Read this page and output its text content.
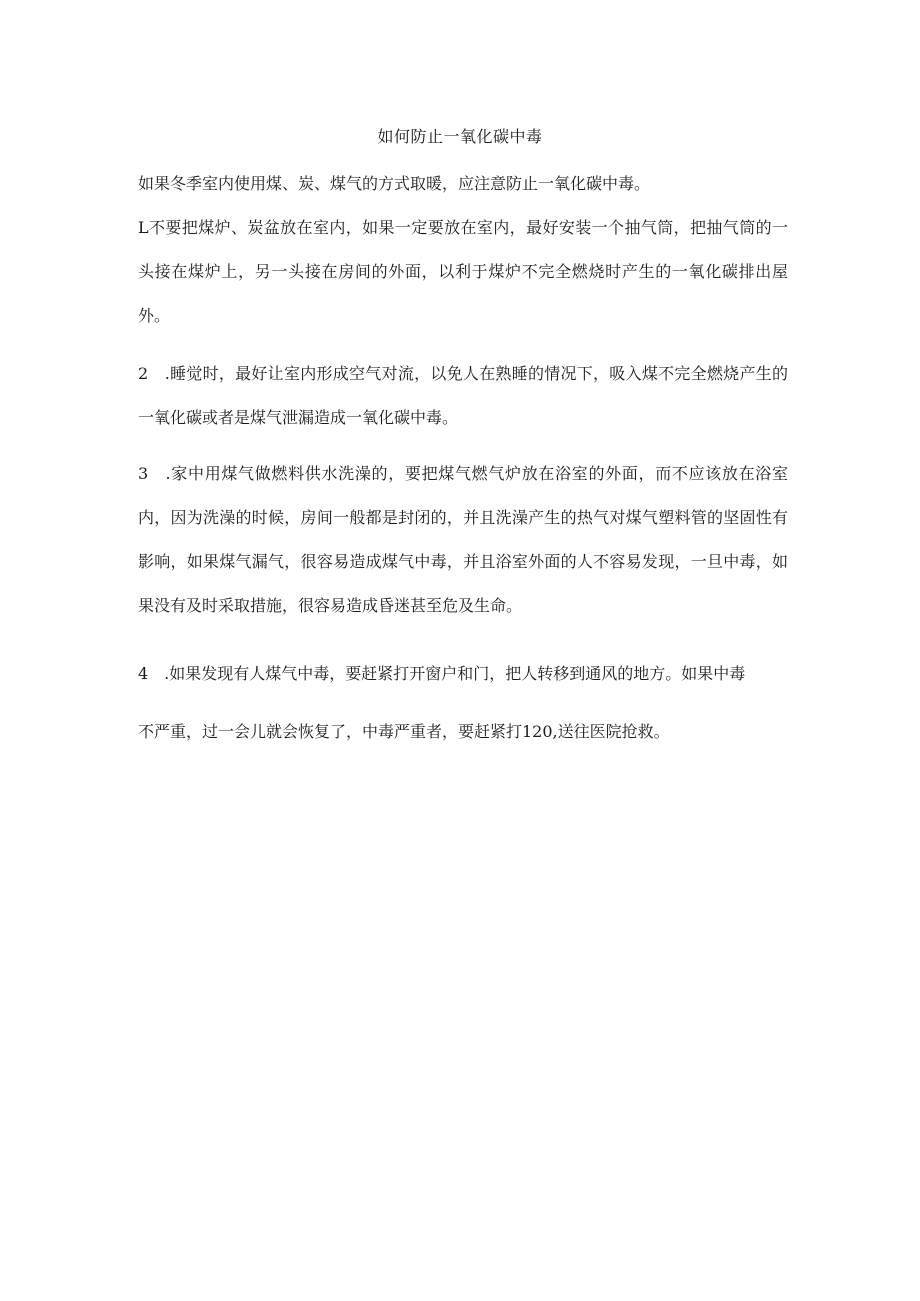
如何防止一氧化碳中毒

如果冬季室内使用煤、炭、煤气的方式取暖，应注意防止一氧化碳中毒。

L不要把煤炉、炭盆放在室内，如果一定要放在室内，最好安装一个抽气筒，把抽气筒的一头接在煤炉上，另一头接在房间的外面，以利于煤炉不完全燃烧时产生的一氧化碳排出屋外。

2　.睡觉时，最好让室内形成空气对流，以免人在熟睡的情况下，吸入煤不完全燃烧产生的一氧化碳或者是煤气泄漏造成一氧化碳中毒。

3　.家中用煤气做燃料供水洗澡的，要把煤气燃气炉放在浴室的外面，而不应该放在浴室内，因为洗澡的时候，房间一般都是封闭的，并且洗澡产生的热气对煤气塑料管的坚固性有影响，如果煤气漏气，很容易造成煤气中毒，并且浴室外面的人不容易发现，一旦中毒，如果没有及时采取措施，很容易造成昏迷甚至危及生命。

4　.如果发现有人煤气中毒，要赶紧打开窗户和门，把人转移到通风的地方。如果中毒
不严重，过一会儿就会恢复了，中毒严重者，要赶紧打120,送往医院抢救。
